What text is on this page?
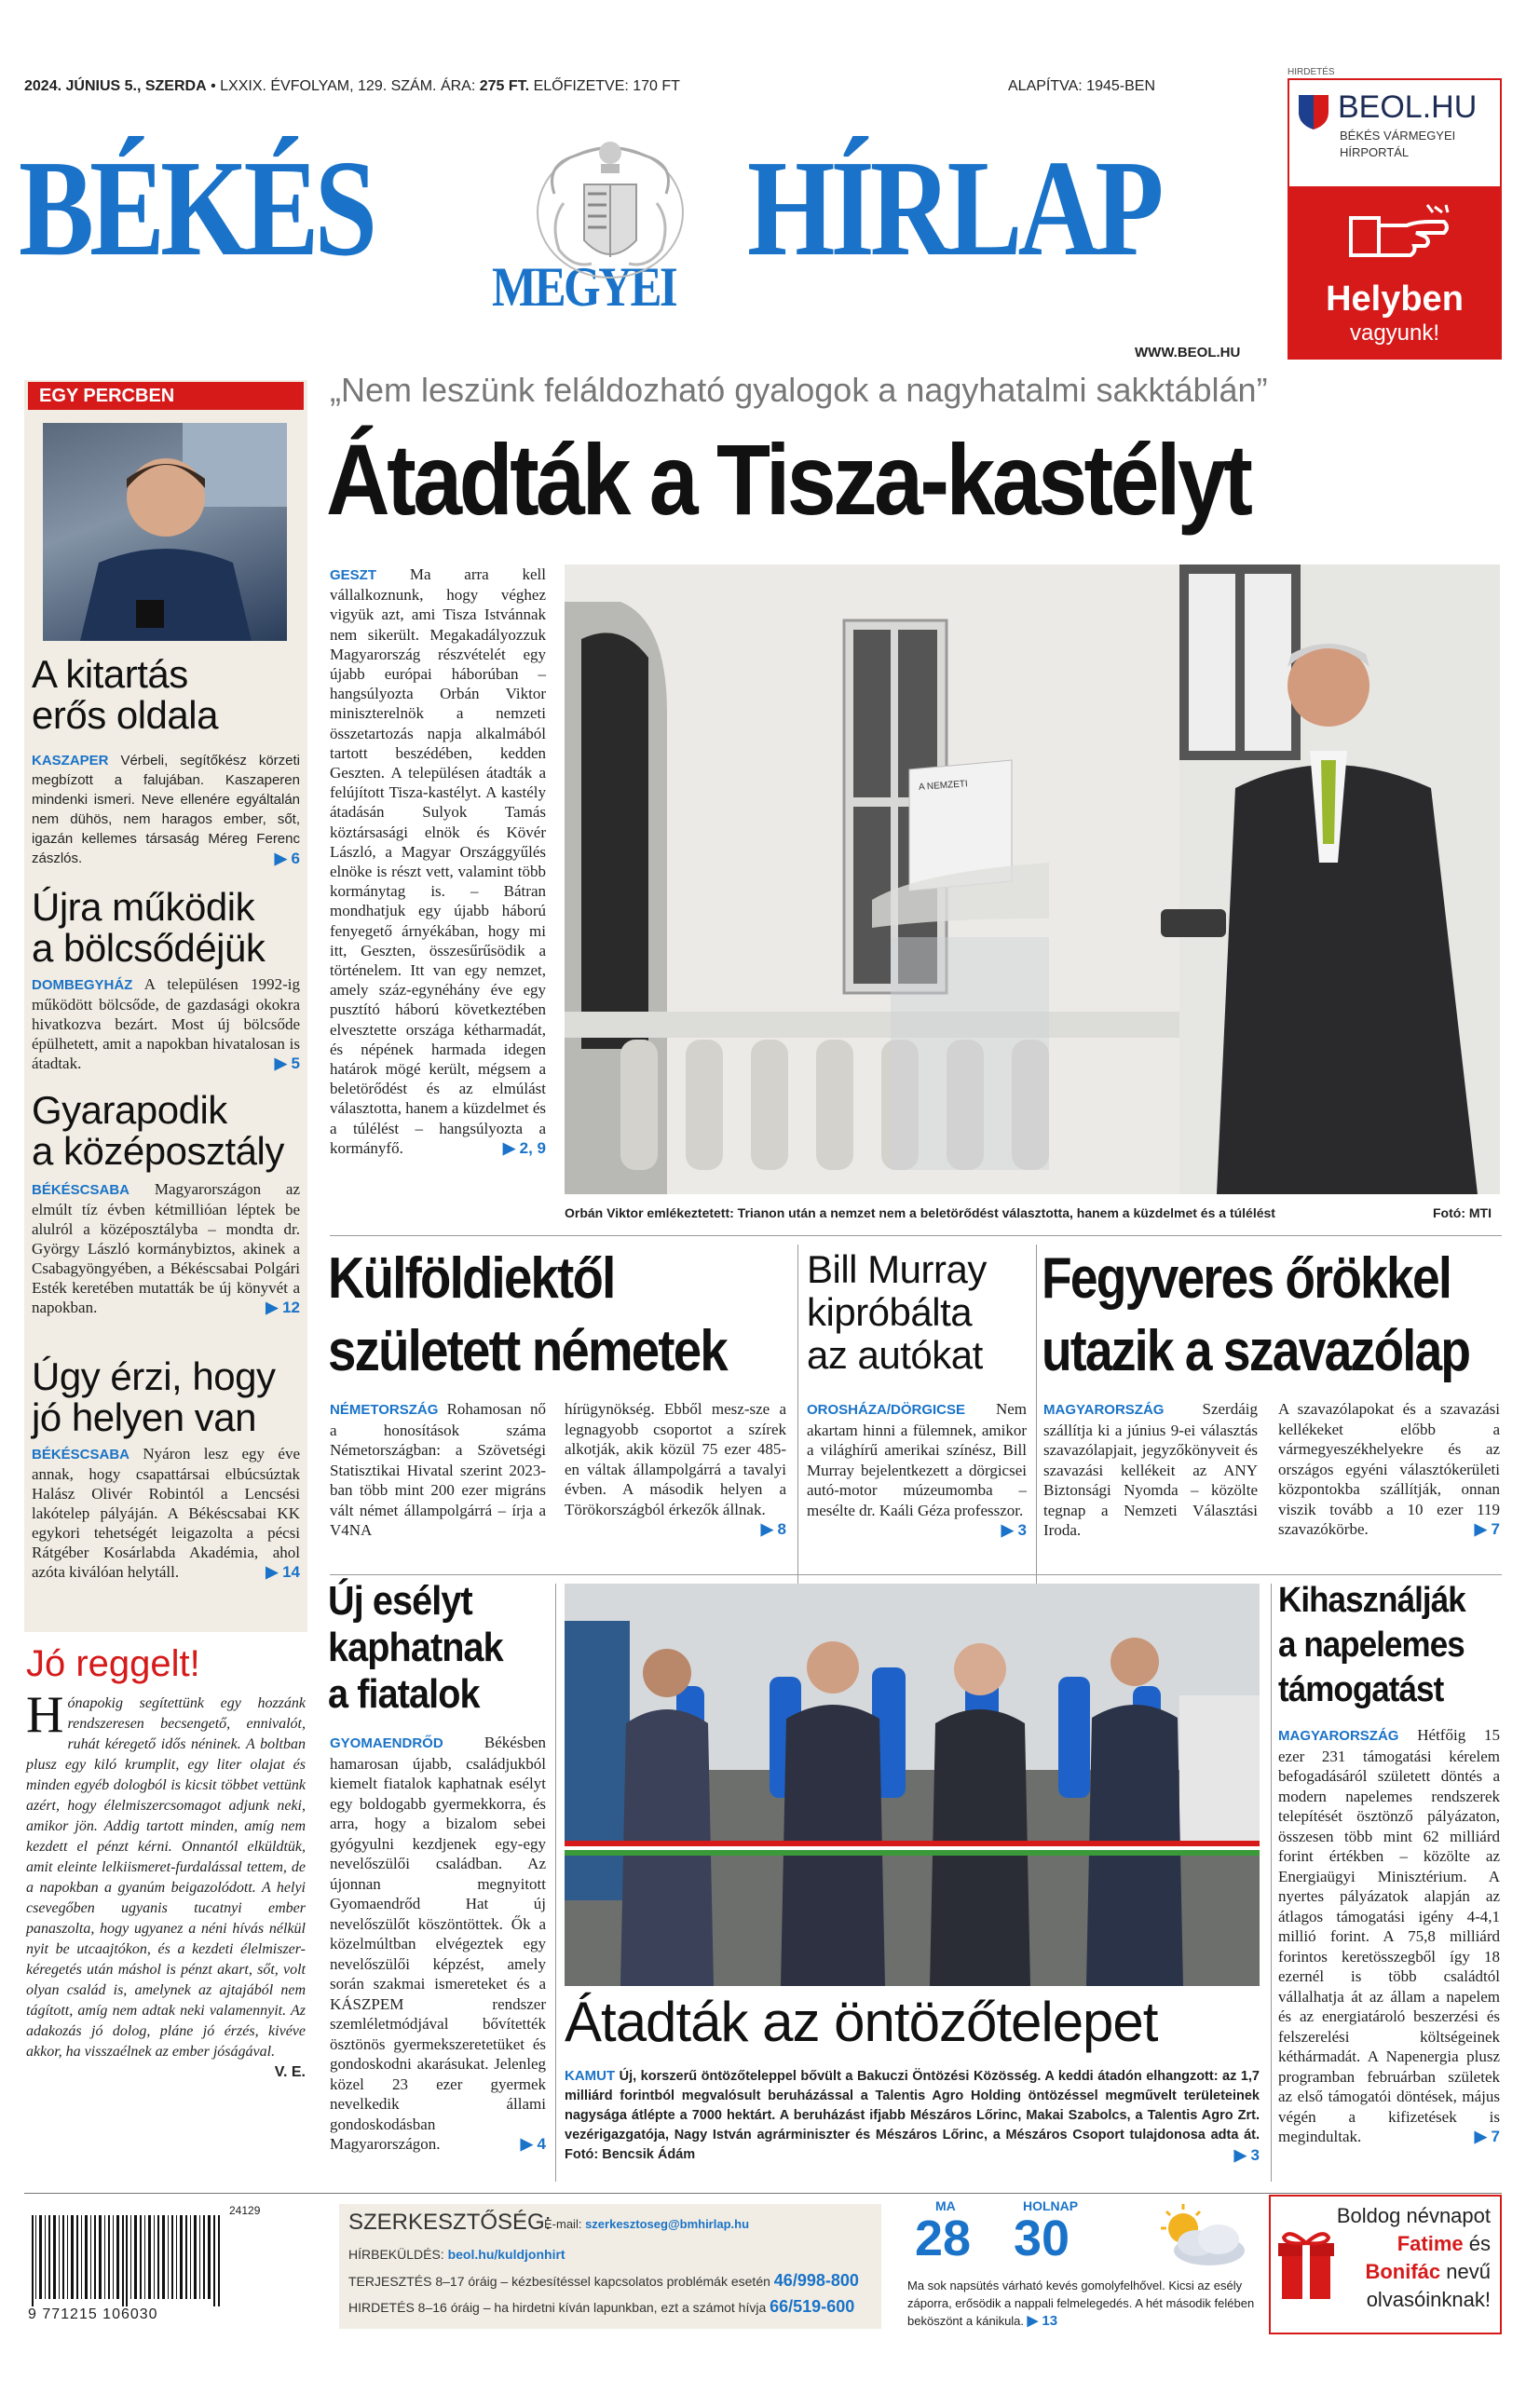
2024. JÚNIUS 5., SZERDA • LXXIX. ÉVFOLYAM, 129. SZÁM. ÁRA: 275 FT. ELŐFIZETVE: 170 FT	ALAPÍTVA: 1945-BEN
BÉKÉS
MEGYEI
HÍRLAP
WWW.BEOL.HU
HIRDETÉS
BEOL.HU
BÉKÉS VÁRMEGYEI
HÍRPORTÁL
Helyben
vagyunk!
EGY PERCBEN
A kitartás
erős oldala
KASZAPER Vérbeli, segítőkész körzeti megbízott a falujában. Kaszaperen mindenki ismeri. Neve ellenére egyáltalán nem dühös, nem haragos ember, sőt, igazán kellemes társaság Méreg Ferenc zászlós.	▶ 6
Újra működik
a bölcsődéjük
DOMBEGYHÁZ A településen 1992-ig működött bölcsőde, de gazdasági okokra hivatkozva bezárt. Most új bölcsőde épülhetett, amit a napokban hivatalosan is átadtak.	▶ 5
Gyarapodik
a középosztály
BÉKÉSCSABA Magyarországon az elmúlt tíz évben kétmillióan léptek be alulról a középosztályba – mondta dr. György László kormánybiztos, akinek a Csabagyöngyében, a Békéscsabai Polgári Esték keretében mutatták be új könyvét a napokban.	▶ 12
Úgy érzi, hogy
jó helyen van
BÉKÉSCSABA Nyáron lesz egy éve annak, hogy csapattársai elbúcsúztak Halász Olivér Robintól a Lencsési lakótelep pályáján. A Békéscsabai KK egykori tehetségét leigazolta a pécsi Rátgéber Kosárlabda Akadémia, ahol azóta kiválóan helytáll.	▶ 14
Jó reggelt!
H ónapokig segítettünk egy hozzánk rendszeresen becsengető, ennivalót, ruhát kéregető idős néninek. A boltban plusz egy kiló krumplit, egy liter olajat és minden egyéb dologból is kicsit többet vettünk azért, hogy élelmiszercsomagot adjunk neki, amikor jön. Addig tartott minden, amíg nem kezdett el pénzt kérni. Onnantól elküldtük, amit eleinte lelkiismeret-furdalással tettem, de a napokban a gyanúm beigazolódott. A helyi csevegőben ugyanis tucatnyi ember panaszolta, hogy ugyanez a néni hívás nélkül nyit be utcaajtókon, és a kezdeti élelmiszer-kéregetés után máshol is pénzt akart, sőt, volt olyan család is, amelynek az ajtajából nem tágított, amíg nem adtak neki valamennyit. Az adakozás jó dolog, pláne jó érzés, kivéve akkor, ha visszaélnek az ember jóságával.
V. E.
„Nem leszünk feláldozható gyalogok a nagyhatalmi sakktáblán”
Átadták a Tisza-kastélyt
GESZT Ma arra kell vállalkoznunk, hogy véghez vigyük azt, ami Tisza Istvánnak nem sikerült. Megakadályozzuk Magyarország részvételét egy újabb európai háborúban – hangsúlyozta Orbán Viktor miniszterelnök a nemzeti összetartozás napja alkalmából tartott beszédében, kedden Geszten. A településen átadták a felújított Tisza-kastélyt. A kastély átadásán Sulyok Tamás köztársasági elnök és Kövér László, a Magyar Országgyűlés elnöke is részt vett, valamint több kormánytag is. – Bátran mondhatjuk egy újabb háború fenyegető árnyékában, hogy mi itt, Geszten, összesűrűsödik a történelem. Itt van egy nemzet, amely száz-egynéhány éve egy pusztító háború következtében elvesztette országa kétharmadát, és népének harmada idegen határok mögé került, mégsem a beletörődést és az elmúlást választotta, hanem a küzdelmet és a túlélést – hangsúlyozta a kormányfő.	▶ 2, 9
A NEMZETI
Orbán Viktor emlékeztetett: Trianon után a nemzet nem a beletörődést választotta, hanem a küzdelmet és a túlélést	Fotó: MTI
Külföldiektől
született németek
NÉMETORSZÁG Rohamosan nő a honosítások száma Németországban: a Szövetségi Statisztikai Hivatal szerint 2023-ban több mint 200 ezer migráns vált német állampolgárrá – írja a V4NA
hírügynökség. Ebből mesz-sze a legnagyobb csoportot a szírek alkotják, akik közül 75 ezer 485-en váltak állampolgárrá a tavalyi évben. A második helyen a Törökországból érkezők állnak.
▶ 8
Bill Murray
kipróbálta
az autókat
OROSHÁZA/DÖRGICSE Nem akartam hinni a fülemnek, amikor a világhírű amerikai színész, Bill Murray bejelentkezett a dörgicsei autó-motor múzeumomba – mesélte dr. Kaáli Géza professzor.
▶ 3
Fegyveres őrökkel
utazik a szavazólap
MAGYARORSZÁG Szerdáig szállítja ki a június 9-ei választás szavazólapjait, jegyzőkönyveit és szavazási kellékeit az ANY Biztonsági Nyomda – közölte tegnap a Nemzeti Választási Iroda.
A szavazólapokat és a szavazási kellékeket előbb a vármegyeszékhelyekre és az országos egyéni választókerületi központokba szállítják, onnan viszik tovább a 10 ezer 119 szavazókörbe.	▶ 7
Új esélyt
kaphatnak
a fiatalok
GYOMAENDRŐD	Békésben hamarosan újabb, családjukból kiemelt fiatalok kaphatnak esélyt egy boldogabb gyermekkorra, és arra, hogy a bizalom sebei gyógyulni kezdjenek egy-egy nevelőszülői családban. Az újonnan megnyitott Gyomaendrőd Hat új nevelőszülőt köszöntöttek. Ők a közelmúltban elvégeztek egy nevelőszülői képzést, amely során szakmai ismereteket és a KÁSZPEM rendszer szemléletmódjával bővítették ösztönös gyermekszeretetüket és gondoskodni akarásukat. Jelenleg közel 23 ezer gyermek nevelkedik állami gondoskodásban Magyarországon.	▶ 4
Átadták az öntözőtelepet
KAMUT Új, korszerű öntözőteleppel bővült a Bakuczi Öntözési Közösség. A keddi átadón elhangzott: az 1,7 milliárd forintból megvalósult beruházással a Talentis Agro Holding öntözéssel megművelt területeinek nagysága átlépte a 7000 hektárt. A beruházást ifjabb Mészáros Lőrinc, Makai Szabolcs, a Talentis Agro Zrt. vezérigazgatója, Nagy István agrárminiszter és Mészáros Lőrinc, a Mészáros Csoport tulajdonosa adta át. Fotó: Bencsik Ádám	▶ 3
Kihasználják
a napelemes
támogatást
MAGYARORSZÁG Hétfőig 15 ezer 231 támogatási kérelem befogadásáról született döntés a modern napelemes rendszerek telepítését ösztönző pályázaton, összesen több mint 62 milliárd forint értékben – közölte az Energiaügyi Minisztérium. A nyertes pályázatok alapján az átlagos támogatási igény 4-4,1 millió forint. A 75,8 milliárd forintos keretösszegből így 18 ezernél is több családtól vállalhatja át az állam a napelem és az energiatároló beszerzési és felszerelési költségeinek kéthármadát. A Napenergia plusz programban februárban születek az első támogatói döntések, május végén a kifizetések is megindultak.	▶ 7
24129
9 771215 106030
SZERKESZTŐSÉG:
E-mail: szerkesztoseg@bmhirlap.hu
HÍRBEKÜLDÉS: beol.hu/kuldjonhirt
TERJESZTÉS 8–17 óráig – kézbesítéssel kapcsolatos problémák esetén 46/998-800
HIRDETÉS 8–16 óráig – ha hirdetni kíván lapunkban, ezt a számot hívja 66/519-600
MA
28
HOLNAP
30
Ma sok napsütés várható kevés gomolyfelhővel. Kicsi az esély záporra, erősödik a nappali felmelegedés. A hét második felében beköszönt a kánikula. ▶ 13
Boldog névnapot
Fatime és
Bonifác nevű
olvasóinknak!
